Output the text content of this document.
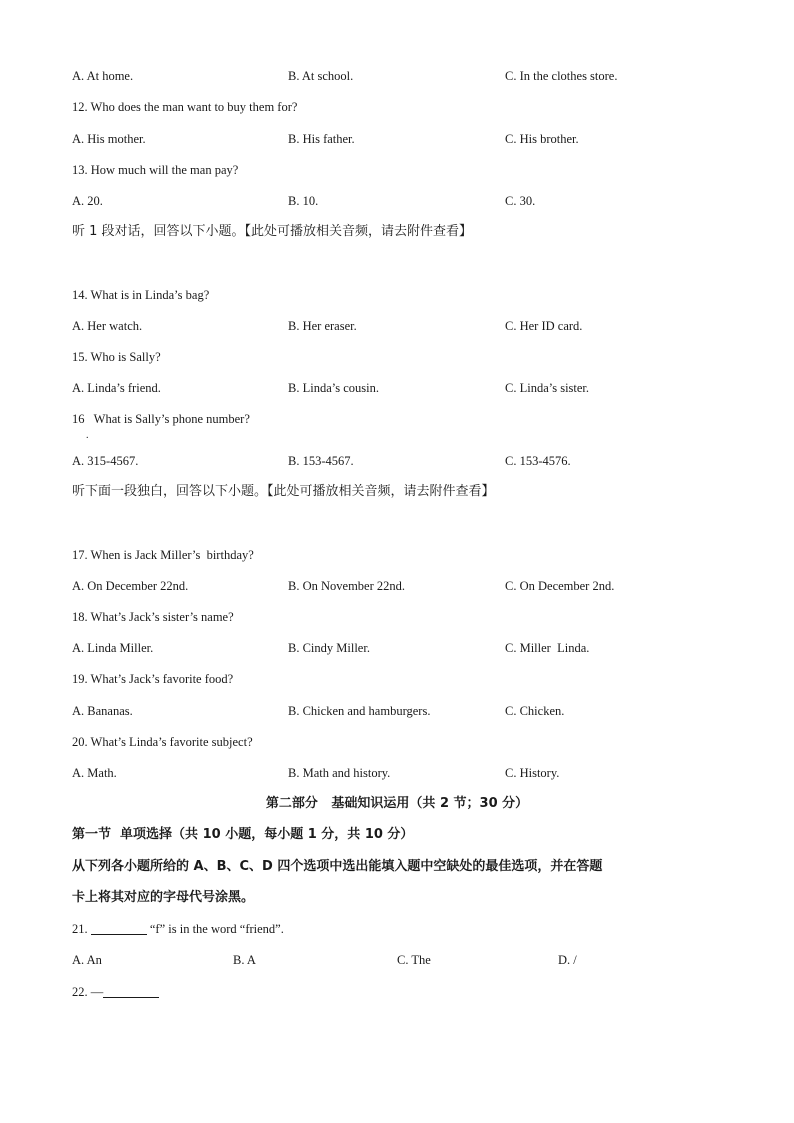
A. At home.	B. At school.	C. In the clothes store.
12. Who does the man want to buy them for?
A. His mother.	B. His father.	C. His brother.
13. How much will the man pay?
A. 20.	B. 10.	C. 30.
听 1 段对话，回答以下小题。【此处可播放相关音频，请去附件查看】
14. What is in Linda’s bag?
A. Her watch.	B. Her eraser.	C. Her ID card.
15. Who is Sally?
A. Linda’s friend.	B. Linda’s cousin.	C. Linda’s sister.
16   What is Sally’s phone number?
.
A. 315-4567.	B. 153-4567.	C. 153-4576.
听下面一段独白，回答以下小题。【此处可播放相关音频，请去附件查看】
17. When is Jack Miller’s  birthday?
A. On December 22nd.	B. On November 22nd.	C. On December 2nd.
18. What’s Jack’s sister’s name?
A. Linda Miller.	B. Cindy Miller.	C. Miller  Linda.
19. What’s Jack’s favorite food?
A. Bananas.	B. Chicken and hamburgers.	C. Chicken.
20. What’s Linda’s favorite subject?
A. Math.	B. Math and history.	C. History.
第二部分   基础知识运用（共 2 节；30 分）
第一节  单项选择（共 10 小题，每小题 1 分，共 10 分）
从下列各小题所给的 A、B、C、D 四个选项中选出能填入题中空缺处的最佳选项，并在答题
卡上将其对应的字母代号涂黑。
21.	“f” is in the word “friend”.
A. An	B. A	C. The	D. /
22. —
